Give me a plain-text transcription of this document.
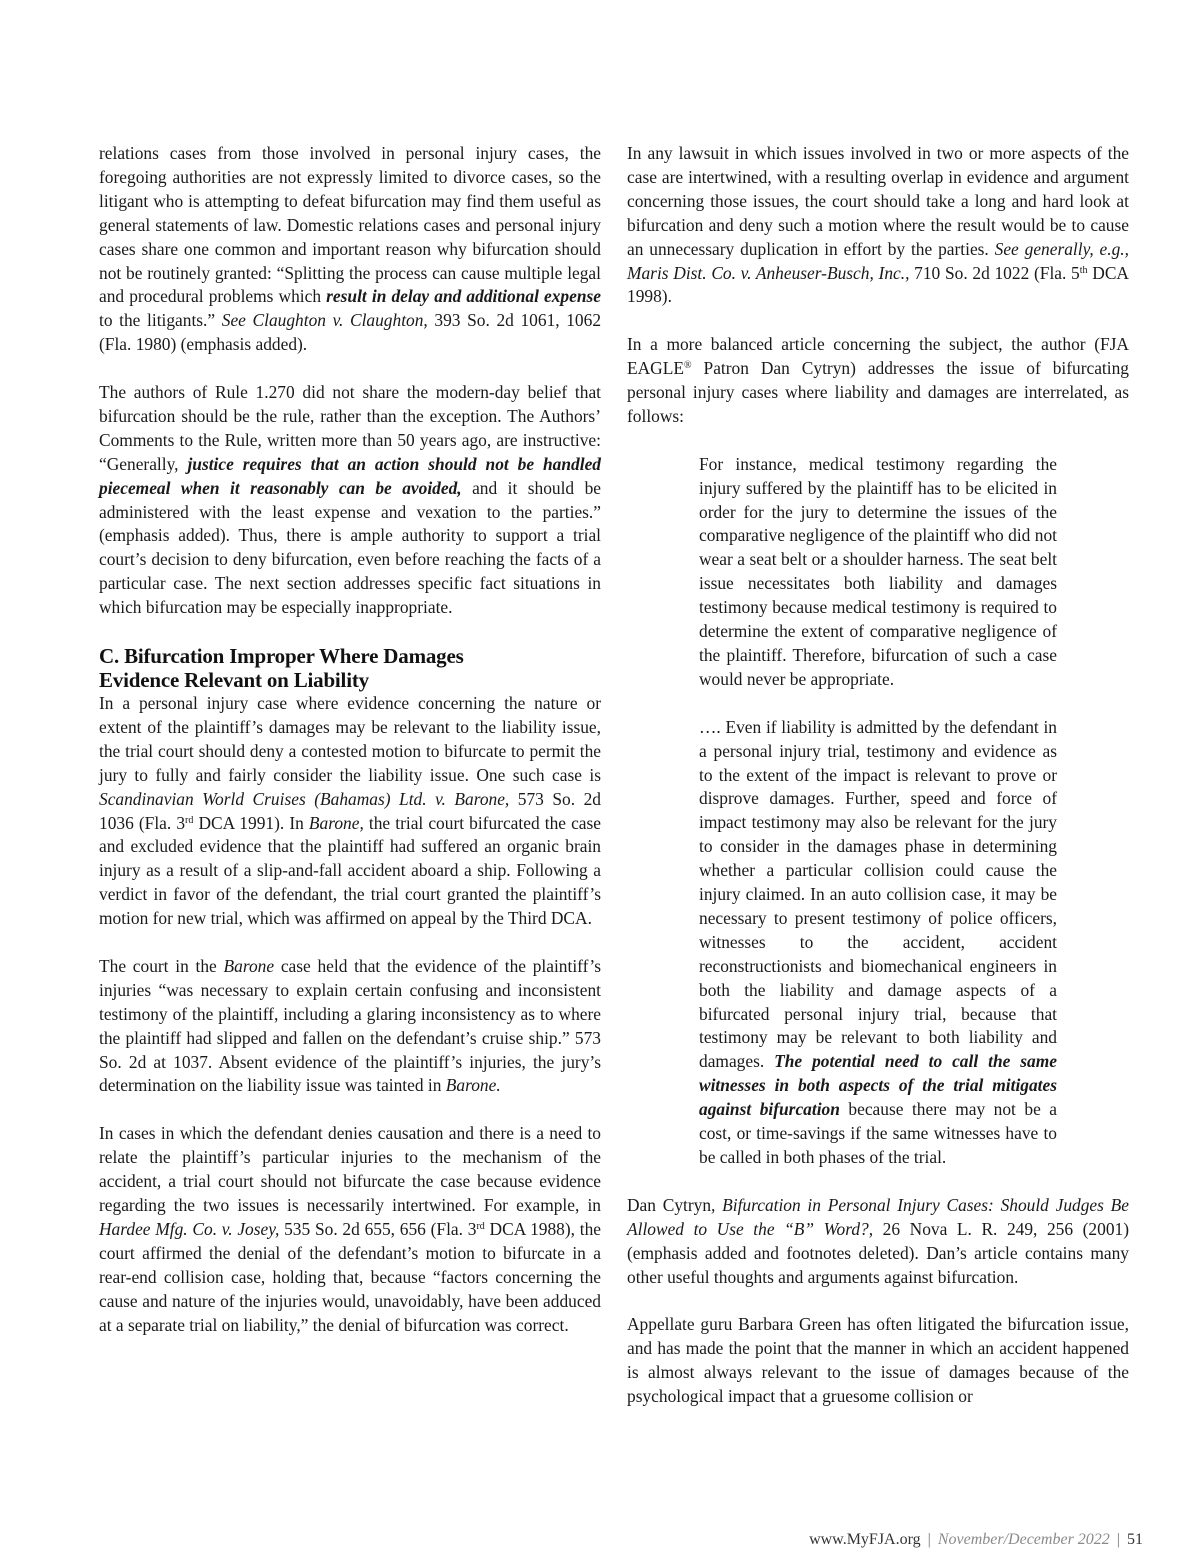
relations cases from those involved in personal injury cases, the foregoing authorities are not expressly limited to divorce cases, so the litigant who is attempting to defeat bifurcation may find them useful as general statements of law. Domestic relations cases and personal injury cases share one common and important reason why bifurcation should not be routinely granted: “Splitting the process can cause multiple legal and procedural problems which result in delay and additional expense to the litigants.” See Claughton v. Claughton, 393 So. 2d 1061, 1062 (Fla. 1980) (emphasis added).

The authors of Rule 1.270 did not share the modern-day belief that bifurcation should be the rule, rather than the exception. The Authors’ Comments to the Rule, written more than 50 years ago, are instructive: “Generally, justice requires that an action should not be handled piecemeal when it reasonably can be avoided, and it should be administered with the least expense and vexation to the parties.” (emphasis added). Thus, there is ample authority to support a trial court’s decision to deny bifurcation, even before reaching the facts of a particular case. The next section addresses specific fact situations in which bifurcation may be especially inappropriate.

C. Bifurcation Improper Where Damages
Evidence Relevant on Liability

In a personal injury case where evidence concerning the nature or extent of the plaintiff’s damages may be relevant to the liability issue, the trial court should deny a contested motion to bifurcate to permit the jury to fully and fairly consider the liability issue. One such case is Scandinavian World Cruises (Bahamas) Ltd. v. Barone, 573 So. 2d 1036 (Fla. 3rd DCA 1991). In Barone, the trial court bifurcated the case and excluded evidence that the plaintiff had suffered an organic brain injury as a result of a slip-and-fall accident aboard a ship. Following a verdict in favor of the defendant, the trial court granted the plaintiff’s motion for new trial, which was affirmed on appeal by the Third DCA.

The court in the Barone case held that the evidence of the plaintiff’s injuries “was necessary to explain certain confusing and inconsistent testimony of the plaintiff, including a glaring inconsistency as to where the plaintiff had slipped and fallen on the defendant’s cruise ship.” 573 So. 2d at 1037. Absent evidence of the plaintiff’s injuries, the jury’s determination on the liability issue was tainted in Barone.

In cases in which the defendant denies causation and there is a need to relate the plaintiff’s particular injuries to the mechanism of the accident, a trial court should not bifurcate the case because evidence regarding the two issues is necessarily intertwined. For example, in Hardee Mfg. Co. v. Josey, 535 So. 2d 655, 656 (Fla. 3rd DCA 1988), the court affirmed the denial of the defendant’s motion to bifurcate in a rear-end collision case, holding that, because “factors concerning the cause and nature of the injuries would, unavoidably, have been adduced at a separate trial on liability,” the denial of bifurcation was correct.

In any lawsuit in which issues involved in two or more aspects of the case are intertwined, with a resulting overlap in evidence and argument concerning those issues, the court should take a long and hard look at bifurcation and deny such a motion where the result would be to cause an unnecessary duplication in effort by the parties. See generally, e.g., Maris Dist. Co. v. Anheuser-Busch, Inc., 710 So. 2d 1022 (Fla. 5th DCA 1998).

In a more balanced article concerning the subject, the author (FJA EAGLE® Patron Dan Cytryn) addresses the issue of bifurcating personal injury cases where liability and damages are interrelated, as follows:

For instance, medical testimony regarding the injury suffered by the plaintiff has to be elicited in order for the jury to determine the issues of the comparative negligence of the plaintiff who did not wear a seat belt or a shoulder harness. The seat belt issue necessitates both liability and damages testimony because medical testimony is required to determine the extent of comparative negligence of the plaintiff. Therefore, bifurcation of such a case would never be appropriate.

…. Even if liability is admitted by the defendant in a personal injury trial, testimony and evidence as to the extent of the impact is relevant to prove or disprove damages. Further, speed and force of impact testimony may also be relevant for the jury to consider in the damages phase in determining whether a particular collision could cause the injury claimed. In an auto collision case, it may be necessary to present testimony of police officers, witnesses to the accident, accident reconstructionists and biomechanical engineers in both the liability and damage aspects of a bifurcated personal injury trial, because that testimony may be relevant to both liability and damages. The potential need to call the same witnesses in both aspects of the trial mitigates against bifurcation because there may not be a cost, or time-savings if the same witnesses have to be called in both phases of the trial.

Dan Cytryn, Bifurcation in Personal Injury Cases: Should Judges Be Allowed to Use the “B” Word?, 26 Nova L. R. 249, 256 (2001) (emphasis added and footnotes deleted). Dan’s article contains many other useful thoughts and arguments against bifurcation.

Appellate guru Barbara Green has often litigated the bifurcation issue, and has made the point that the manner in which an accident happened is almost always relevant to the issue of damages because of the psychological impact that a gruesome collision or

www.MyFJA.org | November/December 2022 | 51
